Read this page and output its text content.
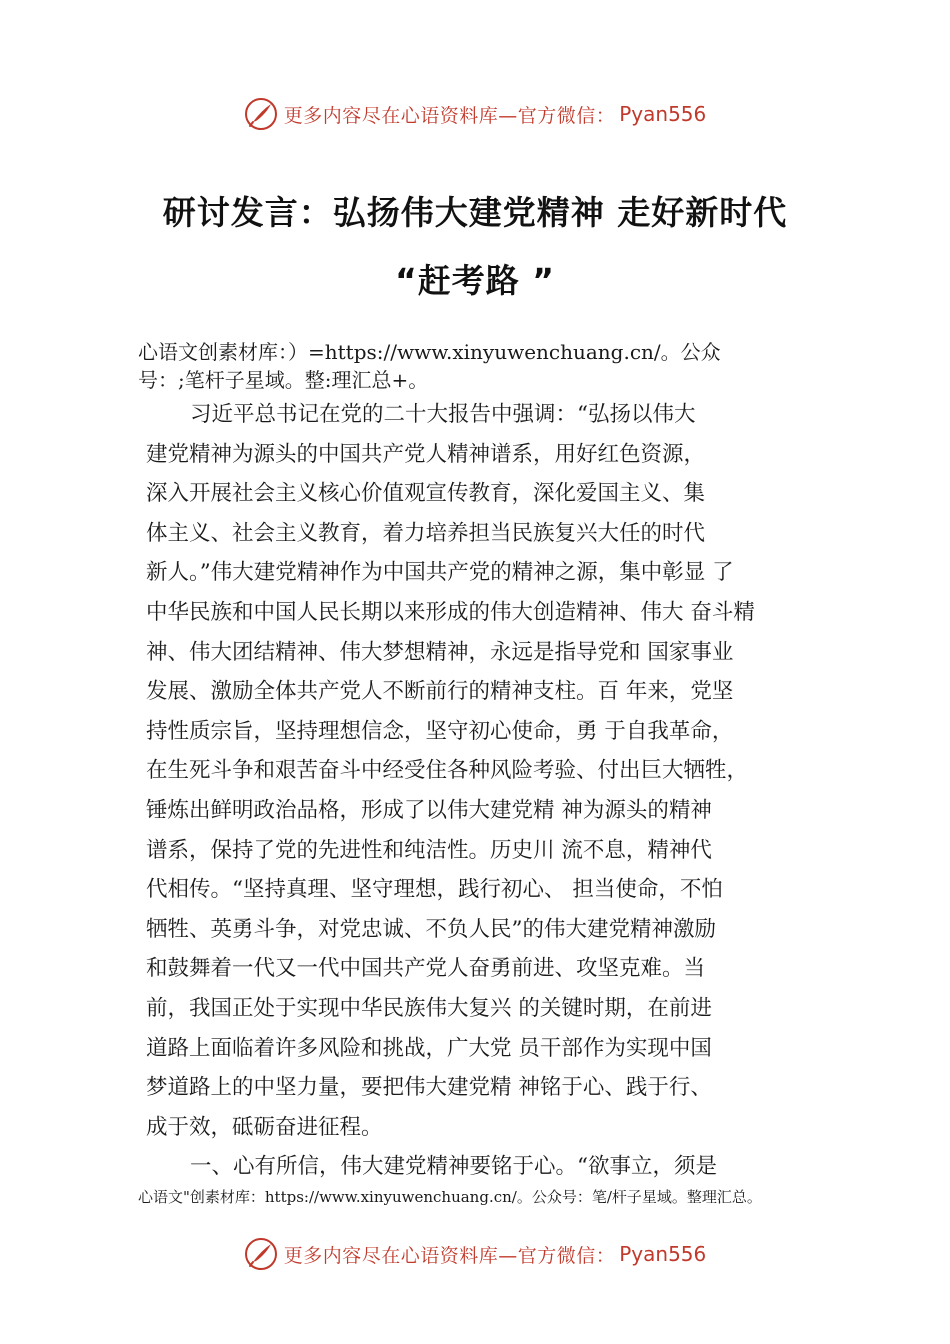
更多内容尽在心语资料库—官方微信： Pyan556
研讨发言：弘扬伟大建党精神 走好新时代
“赶考路 ”
心语文创素材库：）=https://www.xinyuwenchuang.cn/。公众
号：;笔杆子星域。整:理汇总+。
习近平总书记在党的二十大报告中强调：“弘扬以伟大
建党精神为源头的中国共产党人精神谱系，用好红色资源，
深入开展社会主义核心价值观宣传教育，深化爱国主义、集
体主义、社会主义教育，着力培养担当民族复兴大任的时代
新人。”伟大建党精神作为中国共产党的精神之源，集中彰显 了
中华民族和中国人民长期以来形成的伟大创造精神、伟大 奋斗精
神、伟大团结精神、伟大梦想精神，永远是指导党和 国家事业
发展、激励全体共产党人不断前行的精神支柱。百 年来，党坚
持性质宗旨，坚持理想信念，坚守初心使命，勇 于自我革命，
在生死斗争和艰苦奋斗中经受住各种风险考验、付出巨大牺牲，
锤炼出鲜明政治品格，形成了以伟大建党精 神为源头的精神
谱系，保持了党的先进性和纯洁性。历史川 流不息，精神代
代相传。“坚持真理、坚守理想，践行初心、 担当使命，不怕
牺牲、英勇斗争，对党忠诚、不负人民”的伟大建党精神激励
和鼓舞着一代又一代中国共产党人奋勇前进、攻坚克难。当
前，我国正处于实现中华民族伟大复兴 的关键时期，在前进
道路上面临着许多风险和挑战，广大党 员干部作为实现中国
梦道路上的中坚力量，要把伟大建党精 神铭于心、践于行、
成于效，砥砺奋进征程。
一、心有所信，伟大建党精神要铭于心。“欲事立，须是
心语文"创素材库：https://www.xinyuwenchuang.cn/。公众号：笔/杆子星域。整理汇总。
更多内容尽在心语资料库—官方微信： Pyan556
